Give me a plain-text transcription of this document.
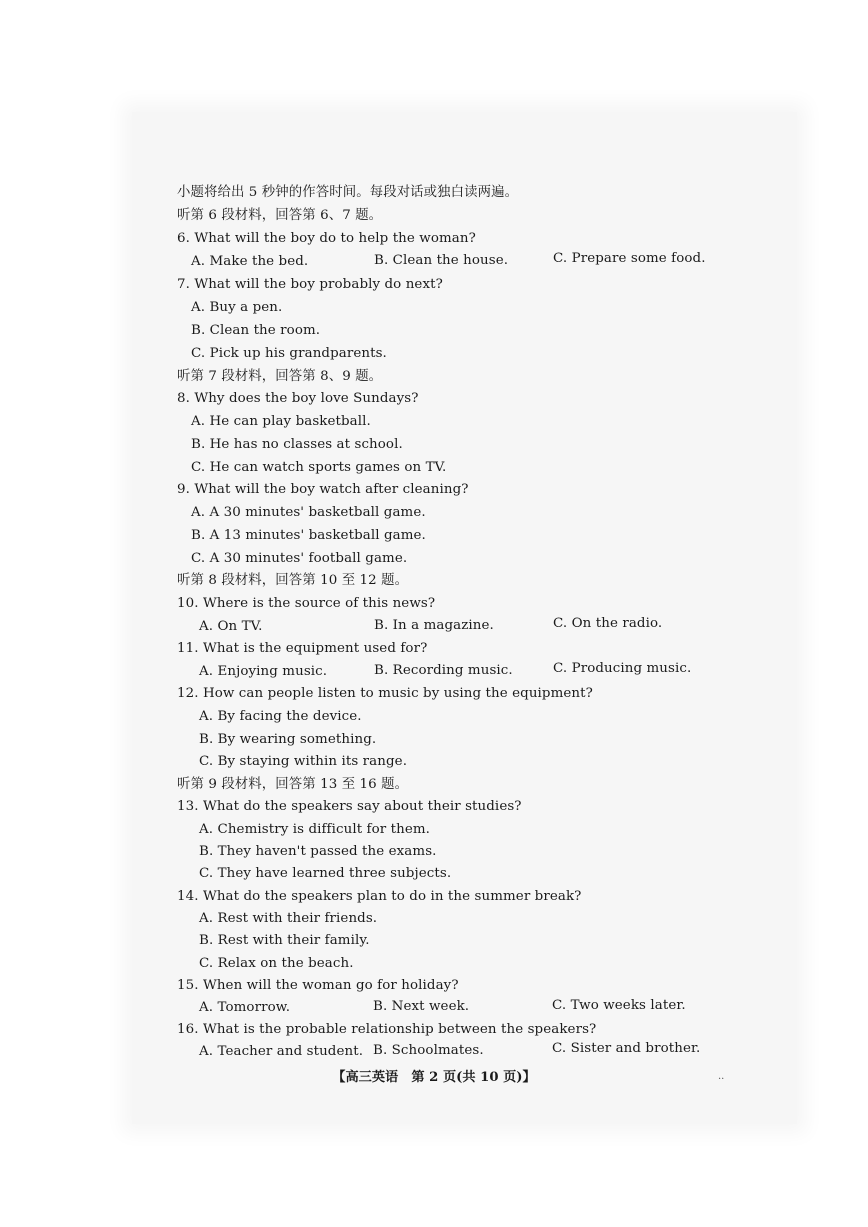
小题将给出 5 秒钟的作答时间。每段对话或独白读两遍。
听第 6 段材料，回答第 6、7 题。
6. What will the boy do to help the woman?
A. Make the bed.	B. Clean the house.	C. Prepare some food.
7. What will the boy probably do next?
A. Buy a pen.
B. Clean the room.
C. Pick up his grandparents.
听第 7 段材料，回答第 8、9 题。
8. Why does the boy love Sundays?
A. He can play basketball.
B. He has no classes at school.
C. He can watch sports games on TV.
9. What will the boy watch after cleaning?
A. A 30 minutes' basketball game.
B. A 13 minutes' basketball game.
C. A 30 minutes' football game.
听第 8 段材料，回答第 10 至 12 题。
10. Where is the source of this news?
A. On TV.	B. In a magazine.	C. On the radio.
11. What is the equipment used for?
A. Enjoying music.	B. Recording music.	C. Producing music.
12. How can people listen to music by using the equipment?
A. By facing the device.
B. By wearing something.
C. By staying within its range.
听第 9 段材料，回答第 13 至 16 题。
13. What do the speakers say about their studies?
A. Chemistry is difficult for them.
B. They haven't passed the exams.
C. They have learned three subjects.
14. What do the speakers plan to do in the summer break?
A. Rest with their friends.
B. Rest with their family.
C. Relax on the beach.
15. When will the woman go for holiday?
A. Tomorrow.	B. Next week.	C. Two weeks later.
16. What is the probable relationship between the speakers?
A. Teacher and student. B. Schoolmates.	C. Sister and brother.
【高三英语　第 2 页(共 10 页)】	..
